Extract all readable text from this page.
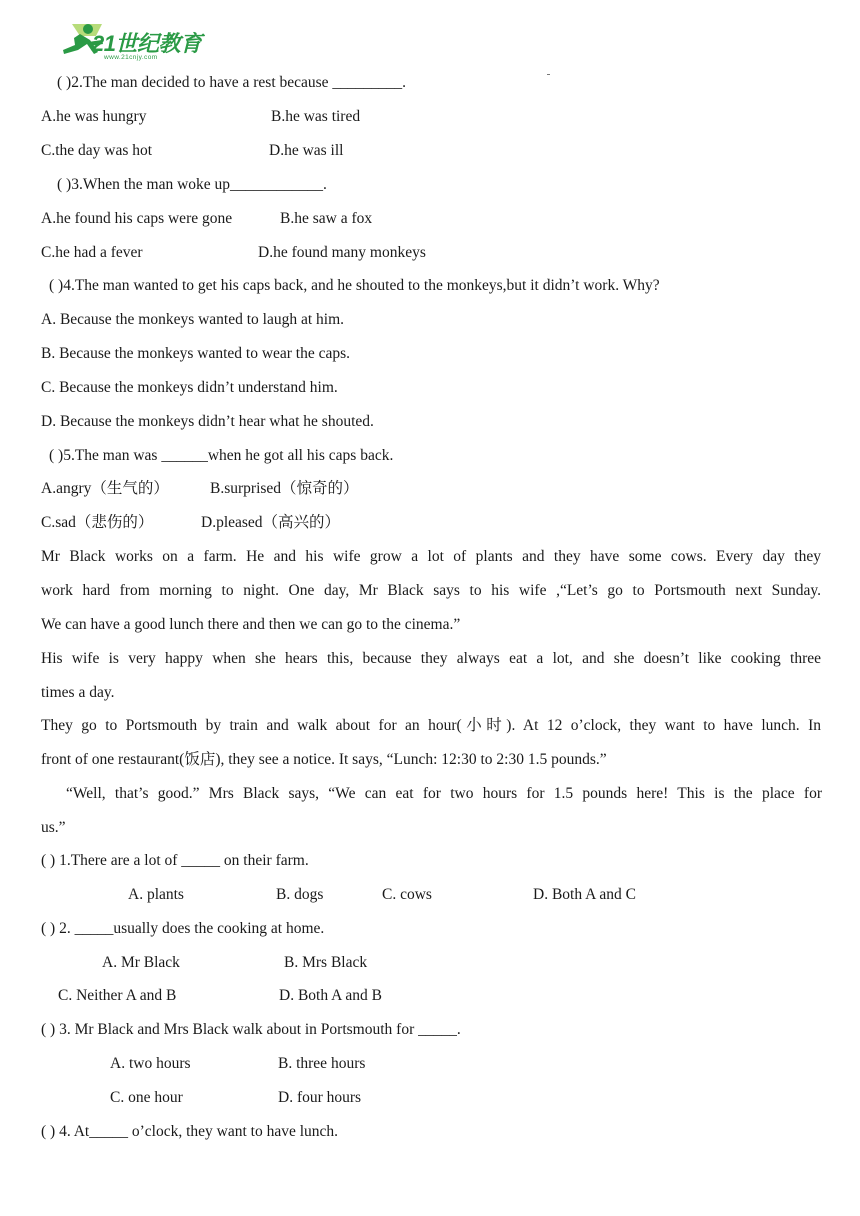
21世纪教育
www.21cnjy.com
( )2.The man decided to have a rest because _________.
A.he was hungry	B.he was tired
C.the day was hot	D.he was ill
( )3.When the man woke up____________.
A.he found his caps were gone	B.he saw a fox
C.he had a fever	D.he found many monkeys
( )4.The man wanted to get his caps back, and he shouted to the monkeys,but it didn’t work. Why?
A. Because the monkeys wanted to laugh at him.
B. Because the monkeys wanted to wear the caps.
C. Because the monkeys didn’t understand him.
D. Because the monkeys didn’t hear what he shouted.
( )5.The man was ______when he got all his caps back.
A.angry（生气的）	B.surprised（惊奇的）
C.sad（悲伤的）	D.pleased（高兴的）
Mr Black works on a farm. He and his wife grow a lot of plants and they have some cows. Every day they
work hard from morning to night. One day, Mr Black says to his wife ,“Let’s go to Portsmouth next Sunday.
We can have a good lunch there and then we can go to the cinema.”
His wife is very happy when she hears this, because they always eat a lot, and she doesn’t like cooking three
times a day.
They go to Portsmouth by train and walk about for an hour(小时). At 12 o’clock, they want to have lunch. In
front of one restaurant(饭店), they see a notice. It says, “Lunch: 12:30 to 2:30 1.5 pounds.”
“Well, that’s good.” Mrs Black says, “We can eat for two hours for 1.5 pounds here! This is the place for
us.”
( ) 1.There are a lot of _____ on their farm.
A. plants	B. dogs	C. cows	D. Both A and C
( ) 2. _____usually does the cooking at home.
A. Mr Black	B. Mrs Black
C. Neither A and B	D. Both A and B
( ) 3. Mr Black and Mrs Black walk about in Portsmouth for _____.
A. two hours	B. three hours
C. one hour	D. four hours
( ) 4. At_____ o’clock, they want to have lunch.
